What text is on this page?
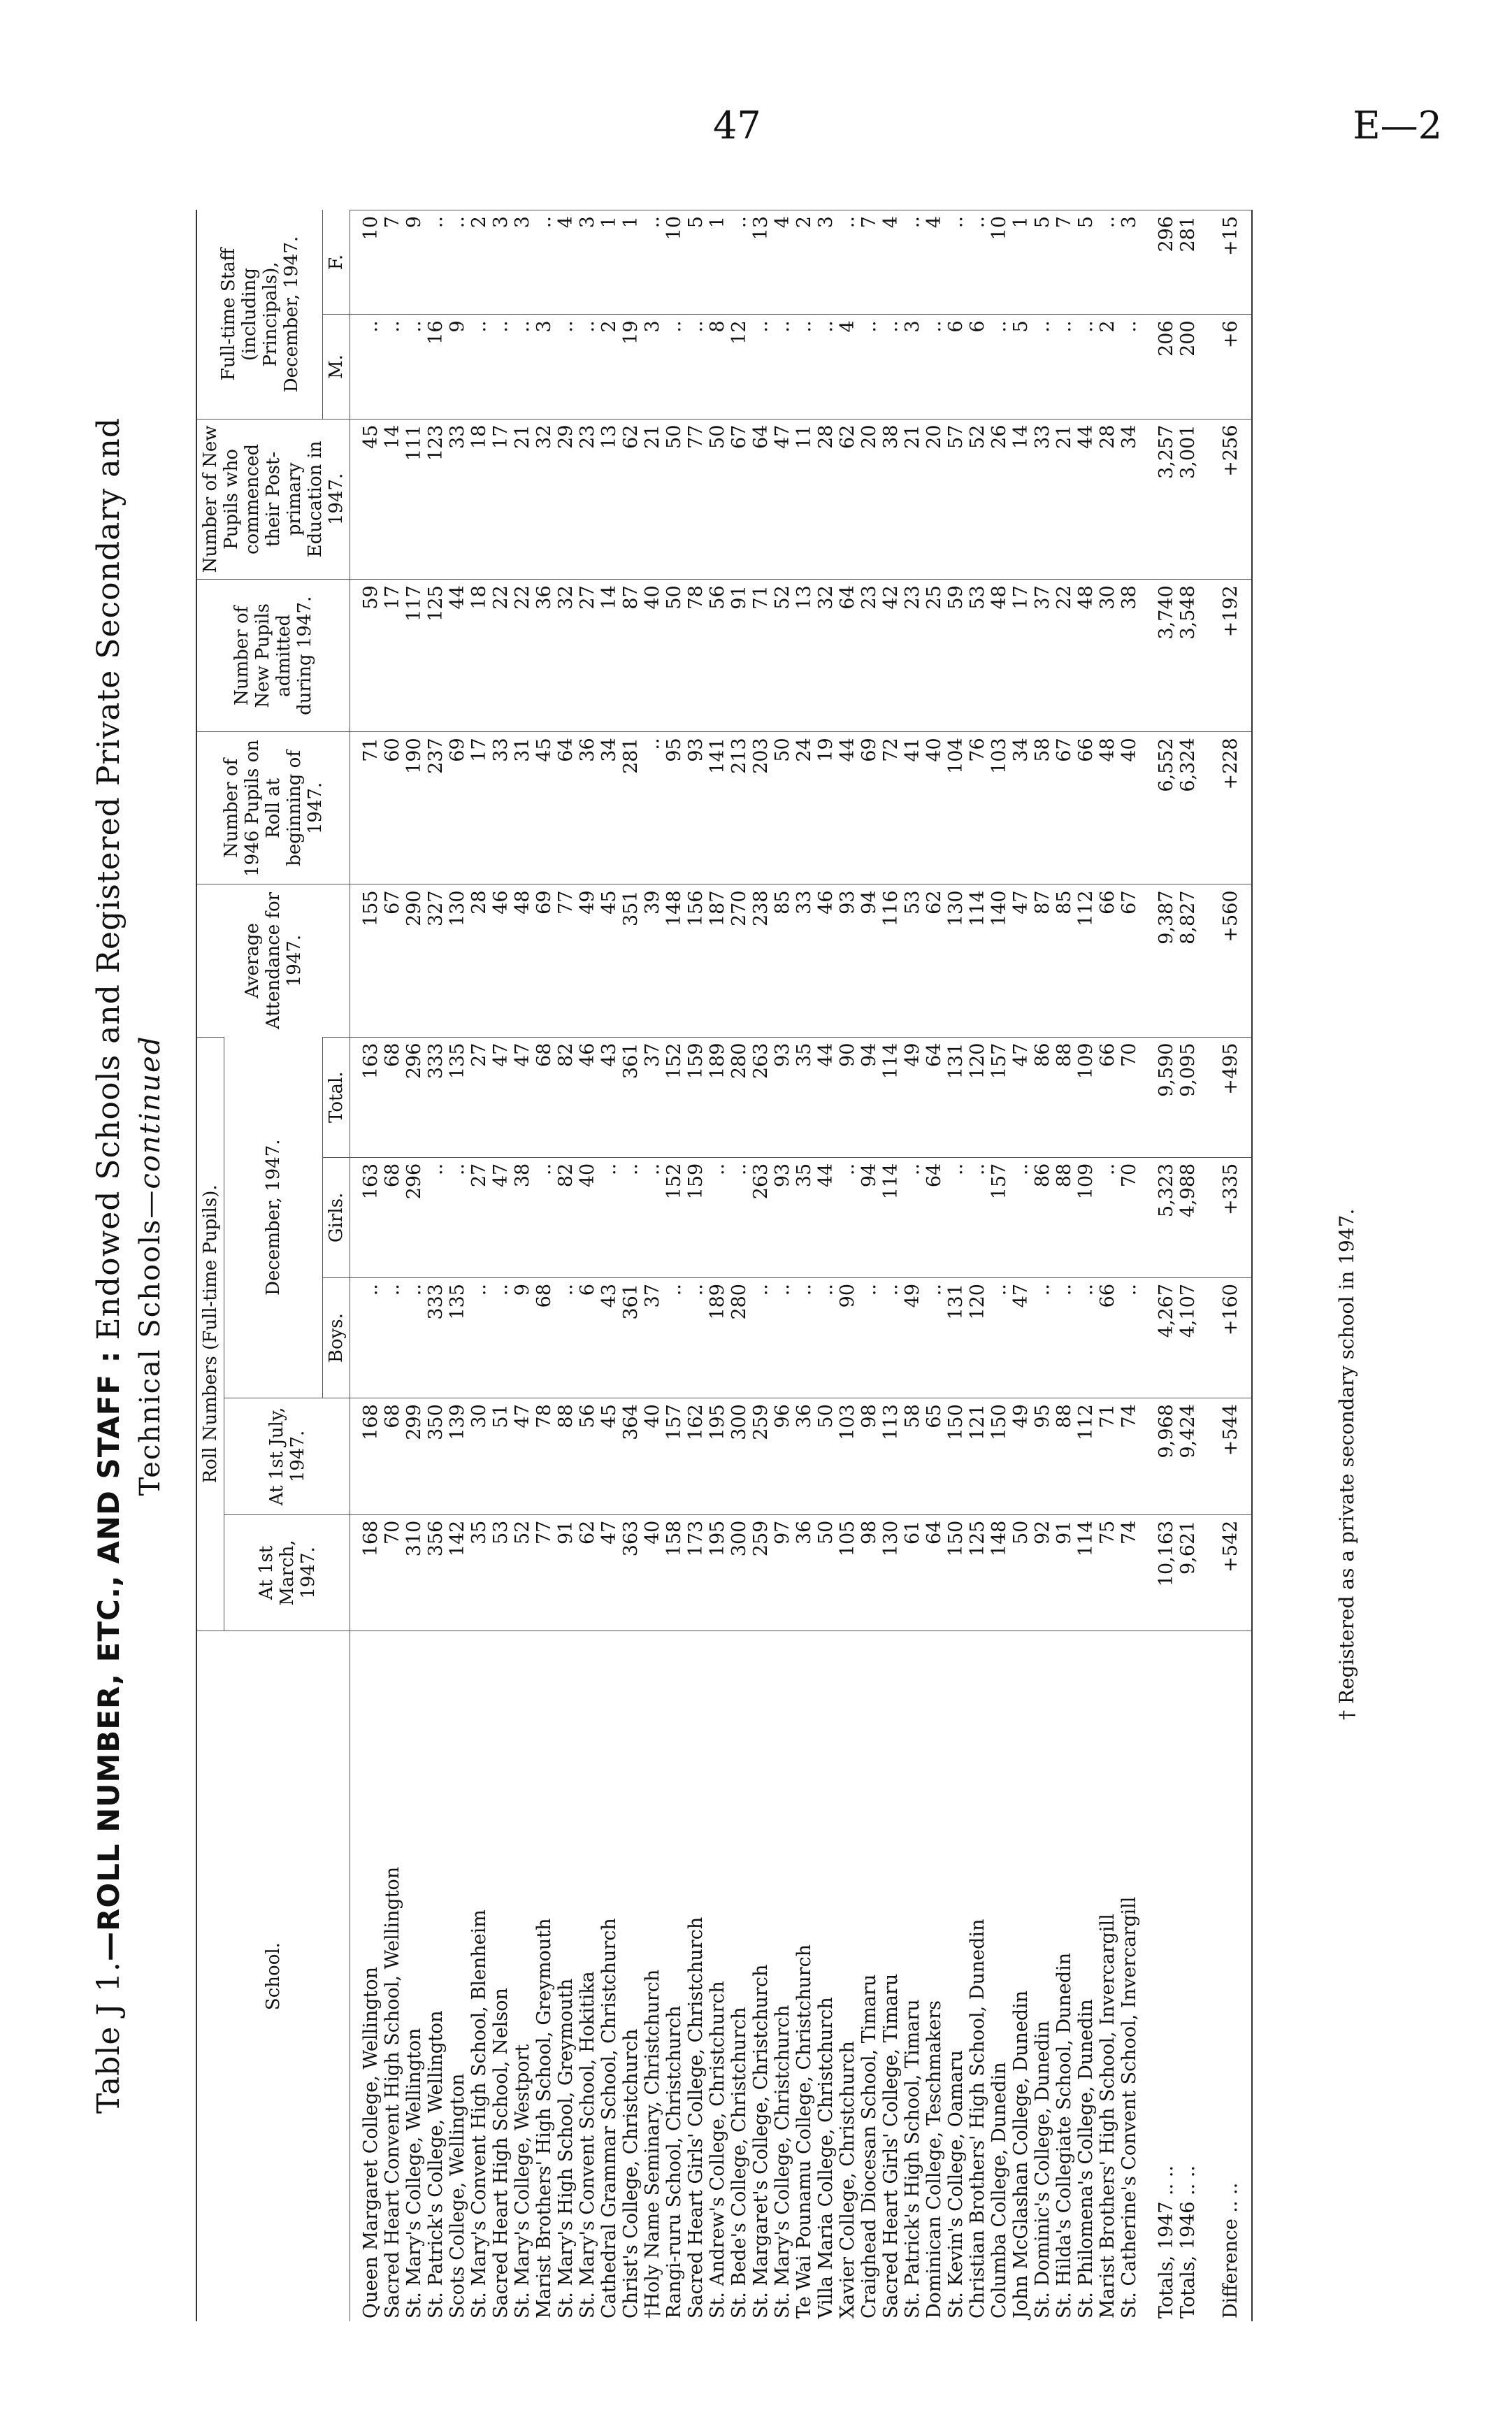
47	E—2
Table J 1.—ROLL NUMBER, ETC., AND STAFF : Endowed Schools and Registered Private Secondary and
Technical Schools—continued
School.	Roll Numbers (Full-time Pupils).					Average Attendance for 1947.	Number of 1946 Pupils on Roll at beginning of 1947.	Number of New Pupils admitted during 1947.	Number of New Pupils who commenced their Post-primary Education in 1947.	Full-time Staff (including Principals), December, 1947.	
	At 1st March, 1947.	At 1st July, 1947.	December, 1947.								
			Boys.	Girls.	Total.					M.	F.
Queen Margaret College, Wellington	168	168	..	163	163	155	71	59	45	..	10
Sacred Heart Convent High School, Wellington	70	68	..	68	68	67	60	17	14	..	7
St. Mary's College, Wellington	310	299	..	296	296	290	190	117	111	..	9
St. Patrick's College, Wellington	356	350	333	..	333	327	237	125	123	16	..
Scots College, Wellington	142	139	135	..	135	130	69	44	33	9	..
St. Mary's Convent High School, Blenheim	35	30	..	27	27	28	17	18	18	..	2
Sacred Heart High School, Nelson	53	51	..	47	47	46	33	22	17	..	3
St. Mary's College, Westport	52	47	9	38	47	48	31	22	21	..	3
Marist Brothers' High School, Greymouth	77	78	68	..	68	69	45	36	32	3	..
St. Mary's High School, Greymouth	91	88	..	82	82	77	64	32	29	..	4
St. Mary's Convent School, Hokitika	62	56	6	40	46	49	36	27	23	..	3
Cathedral Grammar School, Christchurch	47	45	43	..	43	45	34	14	13	2	1
Christ's College, Christchurch	363	364	361	..	361	351	281	87	62	19	1
†Holy Name Seminary, Christchurch	40	40	37	..	37	39	..	40	21	3	..
Rangi-ruru School, Christchurch	158	157	..	152	152	148	95	50	50	..	10
Sacred Heart Girls' College, Christchurch	173	162	..	159	159	156	93	78	77	..	5
St. Andrew's College, Christchurch	195	195	189	..	189	187	141	56	50	8	1
St. Bede's College, Christchurch	300	300	280	..	280	270	213	91	67	12	..
St. Margaret's College, Christchurch	259	259	..	263	263	238	203	71	64	..	13
St. Mary's College, Christchurch	97	96	..	93	93	85	50	52	47	..	4
Te Wai Pounamu College, Christchurch	36	36	..	35	35	33	24	13	11	..	2
Villa Maria College, Christchurch	50	50	..	44	44	46	19	32	28	..	3
Xavier College, Christchurch	105	103	90	..	90	93	44	64	62	4	..
Craighead Diocesan School, Timaru	98	98	..	94	94	94	69	23	20	..	7
Sacred Heart Girls' College, Timaru	130	113	..	114	114	116	72	42	38	..	4
St. Patrick's High School, Timaru	61	58	49	..	49	53	41	23	21	3	..
Dominican College, Teschmakers	64	65	..	64	64	62	40	25	20	..	4
St. Kevin's College, Oamaru	150	150	131	..	131	130	104	59	57	6	..
Christian Brothers' High School, Dunedin	125	121	120	..	120	114	76	53	52	6	..
Columba College, Dunedin	148	150	..	157	157	140	103	48	26	..	10
John McGlashan College, Dunedin	50	49	47	..	47	47	34	17	14	5	1
St. Dominic's College, Dunedin	92	95	..	86	86	87	58	37	33	..	5
St. Hilda's Collegiate School, Dunedin	91	88	..	88	88	85	67	22	21	..	7
St. Philomena's College, Dunedin	114	112	..	109	109	112	66	48	44	..	5
Marist Brothers' High School, Invercargill	75	71	66	..	66	66	48	30	28	2	..
St. Catherine's Convent School, Invercargill	74	74	..	70	70	67	40	38	34	..	3
Totals, 1947 .. ..	10,163	9,968	4,267	5,323	9,590	9,387	6,552	3,740	3,257	206	296
Totals, 1946 .. ..	9,621	9,424	4,107	4,988	9,095	8,827	6,324	3,548	3,001	200	281
Difference .. ..	+542	+544	+160	+335	+495	+560	+228	+192	+256	+6	+15
† Registered as a private secondary school in 1947.
